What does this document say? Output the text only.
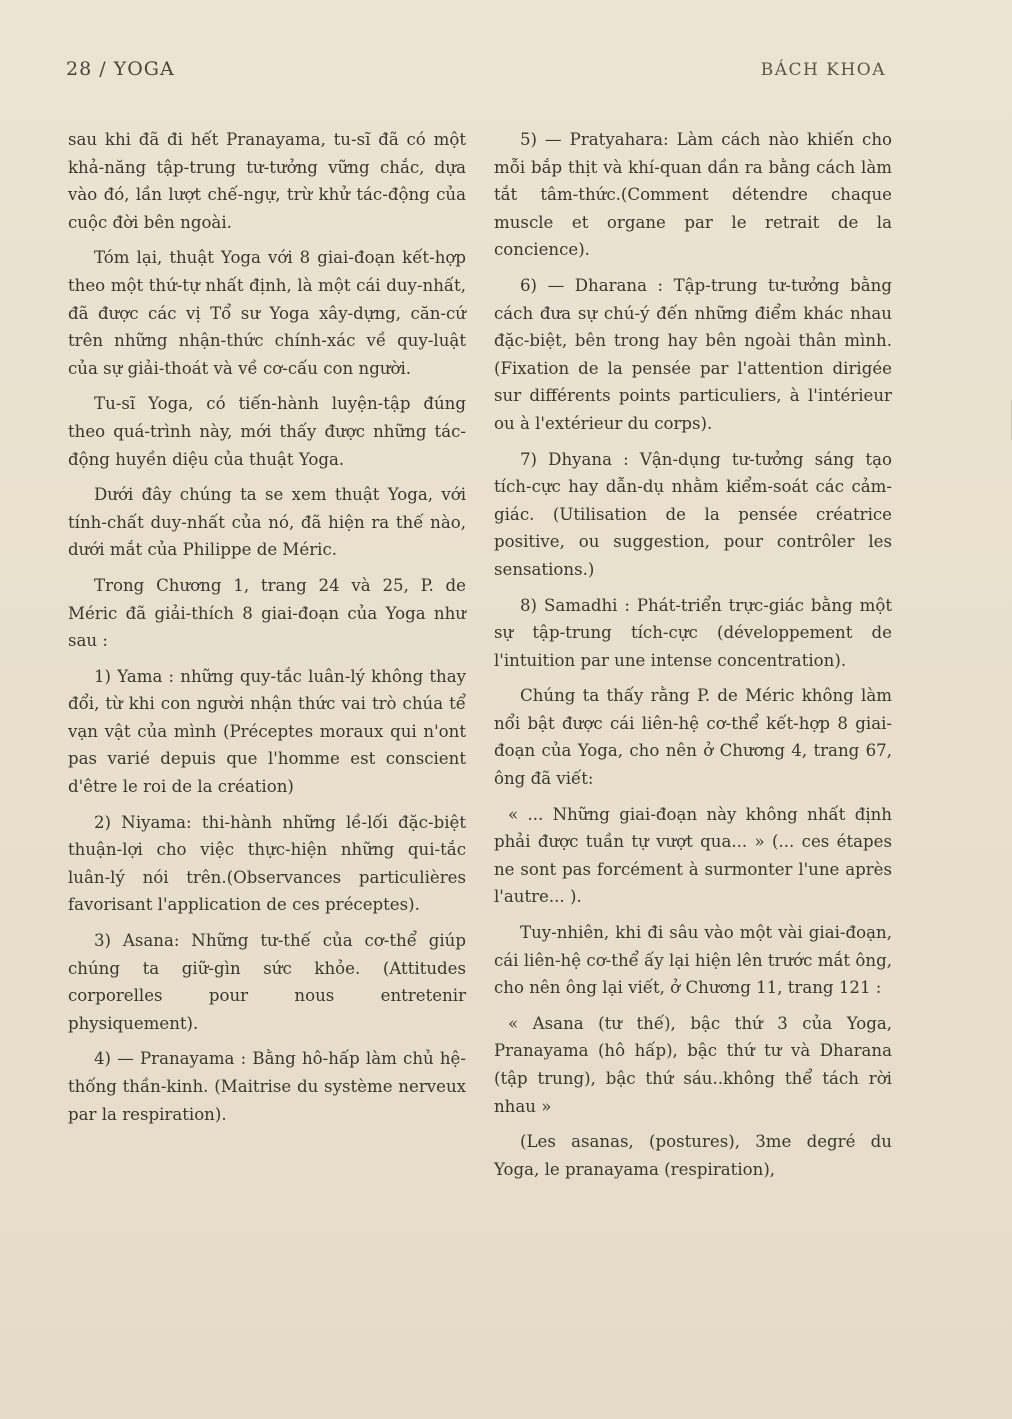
28 / YOGA	BÁCH KHOA

sau khi đã đi hết Pranayama, tu-sĩ đã có một khả-năng tập-trung tư-tưởng vững chắc, dựa vào đó, lần lượt chế-ngự, trừ khử tác-động của cuộc đời bên ngoài.

Tóm lại, thuật Yoga với 8 giai-đoạn kết-hợp theo một thứ-tự nhất định, là một cái duy-nhất, đã được các vị Tổ sư Yoga xây-dựng, căn-cứ trên những nhận-thức chính-xác về quy-luật của sự giải-thoát và về cơ-cấu con người.

Tu-sĩ Yoga, có tiến-hành luyện-tập đúng theo quá-trình này, mới thấy được những tác-động huyền diệu của thuật Yoga.

Dưới đây chúng ta se xem thuật Yoga, với tính-chất duy-nhất của nó, đã hiện ra thế nào, dưới mắt của Philippe de Méric.

Trong Chương 1, trang 24 và 25, P. de Méric đã giải-thích 8 giai-đoạn của Yoga như sau :

1) Yama : những quy-tắc luân-lý không thay đổi, từ khi con người nhận thức vai trò chúa tể vạn vật của mình (Préceptes moraux qui n'ont pas varié depuis que l'homme est conscient d'être le roi de la création)

2) Niyama: thi-hành những lề-lối đặc-biệt thuận-lợi cho việc thực-hiện những qui-tắc luân-lý nói trên.(Observances particulières favorisant l'application de ces préceptes).

3) Asana: Những tư-thế của cơ-thể giúp chúng ta giữ-gìn sức khỏe. (Attitudes corporelles pour nous entretenir physiquement).

4) — Pranayama : Bằng hô-hấp làm chủ hệ-thống thần-kinh. (Maitrise du système nerveux par la respiration).

5) — Pratyahara: Làm cách nào khiến cho mỗi bắp thịt và khí-quan dần ra bằng cách làm tắt tâm-thức.(Comment détendre chaque muscle et organe par le retrait de la concience).

6) — Dharana : Tập-trung tư-tưởng bằng cách đưa sự chú-ý đến những điểm khác nhau đặc-biệt, bên trong hay bên ngoài thân mình. (Fixation de la pensée par l'attention dirigée sur différents points particuliers, à l'intérieur ou à l'extérieur du corps).

7) Dhyana : Vận-dụng tư-tưởng sáng tạo tích-cực hay dẫn-dụ nhằm kiểm-soát các cảm-giác. (Utilisation de la pensée créatrice positive, ou suggestion, pour contrôler les sensations.)

8) Samadhi : Phát-triển trực-giác bằng một sự tập-trung tích-cực (développement de l'intuition par une intense concentration).

Chúng ta thấy rằng P. de Méric không làm nổi bật được cái liên-hệ cơ-thể kết-hợp 8 giai-đoạn của Yoga, cho nên ở Chương 4, trang 67, ông đã viết:

« ... Những giai-đoạn này không nhất định phải được tuần tự vượt qua... » (... ces étapes ne sont pas forcément à surmonter l'une après l'autre... ).

Tuy-nhiên, khi đi sâu vào một vài giai-đoạn, cái liên-hệ cơ-thể ấy lại hiện lên trước mắt ông, cho nên ông lại viết, ở Chương 11, trang 121 :

« Asana (tư thế), bậc thứ 3 của Yoga, Pranayama (hô hấp), bậc thứ tư và Dharana (tập trung), bậc thứ sáu..không thể tách rời nhau »

(Les asanas, (postures), 3me degré du Yoga, le pranayama (respiration),
